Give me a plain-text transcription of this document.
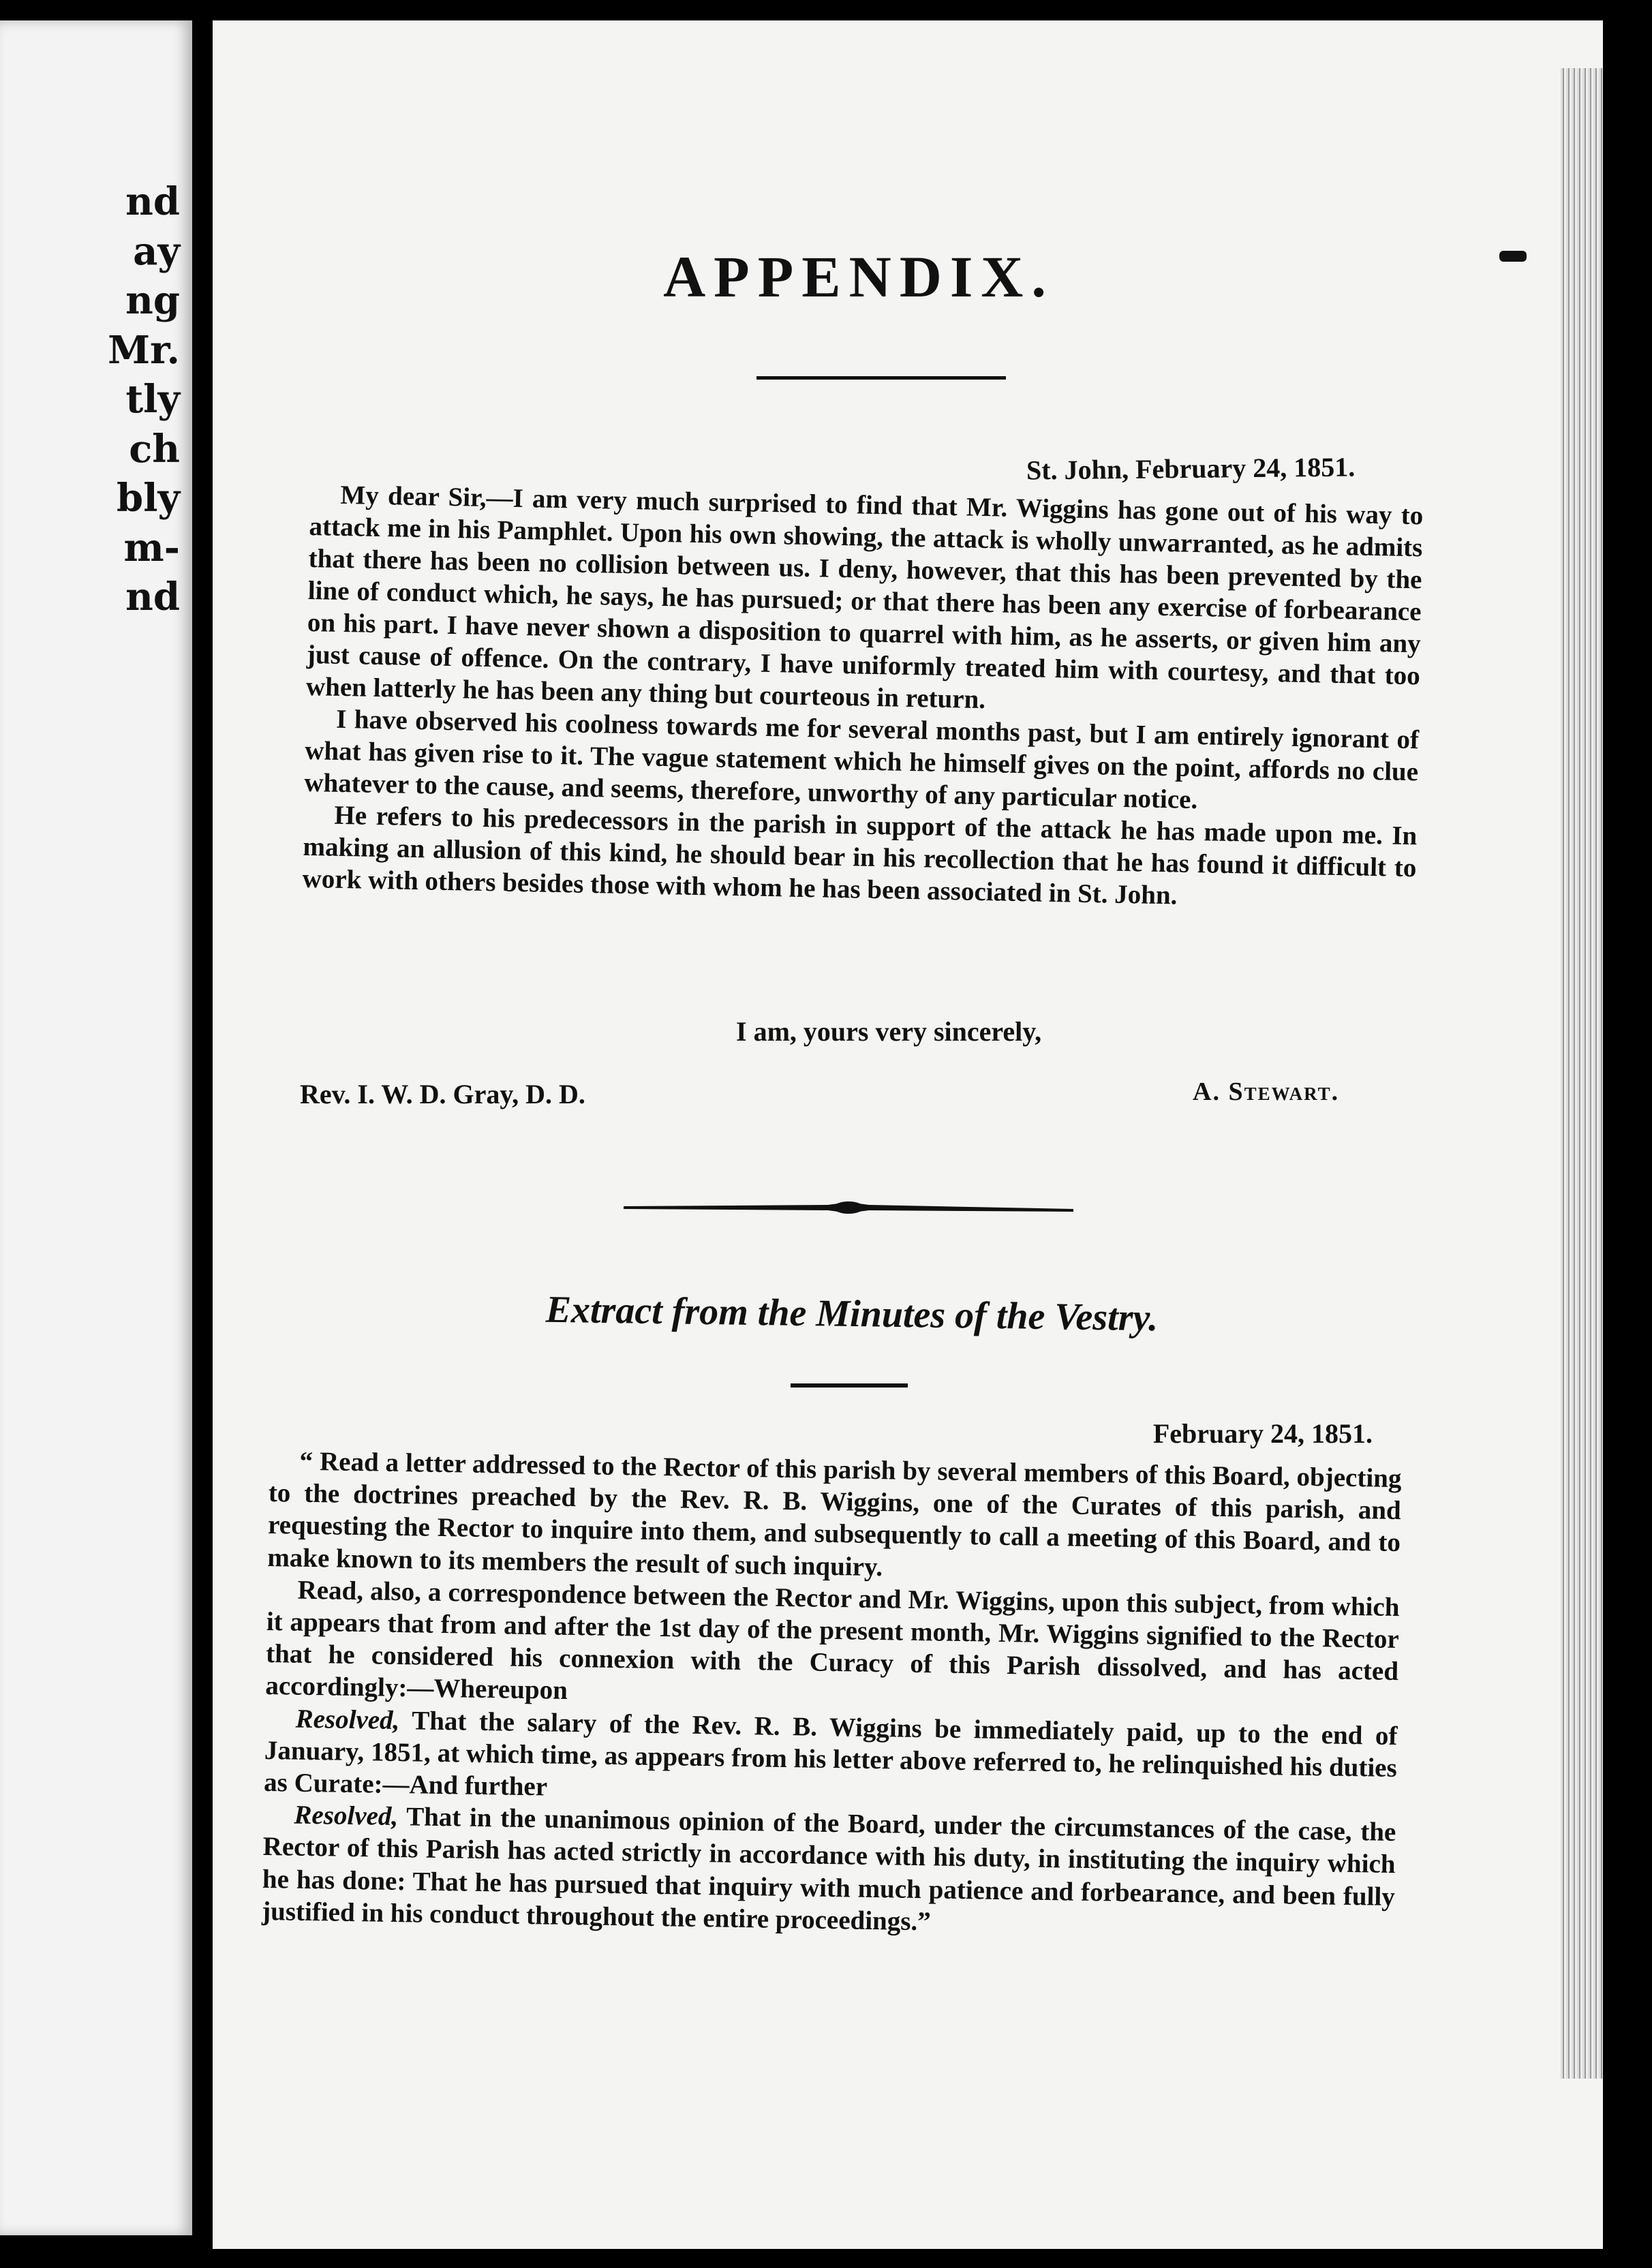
nd
ay
ng
Mr.
tly
ch
bly
m-
nd
APPENDIX.
St. John, February 24, 1851.

My dear Sir,—I am very much surprised to find that Mr. Wiggins has gone out of his way to attack me in his Pamphlet. Upon his own showing, the attack is wholly unwarranted, as he admits that there has been no collision between us. I deny, however, that this has been prevented by the line of conduct which, he says, he has pursued; or that there has been any exercise of forbearance on his part. I have never shown a disposition to quarrel with him, as he asserts, or given him any just cause of offence. On the contrary, I have uniformly treated him with courtesy, and that too when latterly he has been any thing but courteous in return.

I have observed his coolness towards me for several months past, but I am entirely ignorant of what has given rise to it. The vague statement which he himself gives on the point, affords no clue whatever to the cause, and seems, therefore, unworthy of any particular notice.

He refers to his predecessors in the parish in support of the attack he has made upon me. In making an allusion of this kind, he should bear in his recollection that he has found it difficult to work with others besides those with whom he has been associated in St. John.

I am, yours very sincerely,
Rev. I. W. D. Gray, D. D.	A. Stewart.
Extract from the Minutes of the Vestry.
February 24, 1851.

“ Read a letter addressed to the Rector of this parish by several members of this Board, objecting to the doctrines preached by the Rev. R. B. Wiggins, one of the Curates of this parish, and requesting the Rector to inquire into them, and subsequently to call a meeting of this Board, and to make known to its members the result of such inquiry.

Read, also, a correspondence between the Rector and Mr. Wiggins, upon this subject, from which it appears that from and after the 1st day of the present month, Mr. Wiggins signified to the Rector that he considered his connexion with the Curacy of this Parish dissolved, and has acted accordingly:—Whereupon

Resolved, That the salary of the Rev. R. B. Wiggins be immediately paid, up to the end of January, 1851, at which time, as appears from his letter above referred to, he relinquished his duties as Curate:—And further

Resolved, That in the unanimous opinion of the Board, under the circumstances of the case, the Rector of this Parish has acted strictly in accordance with his duty, in instituting the inquiry which he has done: That he has pursued that inquiry with much patience and forbearance, and been fully justified in his conduct throughout the entire proceedings.”
